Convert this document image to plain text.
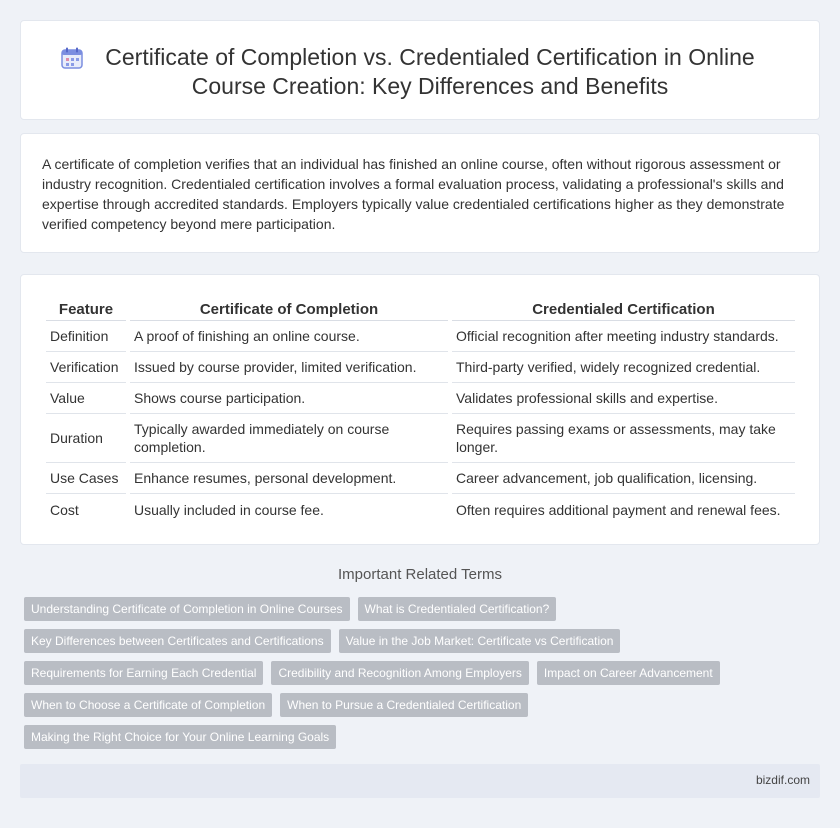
Certificate of Completion vs. Credentialed Certification in Online Course Creation: Key Differences and Benefits

A certificate of completion verifies that an individual has finished an online course, often without rigorous assessment or industry recognition. Credentialed certification involves a formal evaluation process, validating a professional's skills and expertise through accredited standards. Employers typically value credentialed certifications higher as they demonstrate verified competency beyond mere participation.

Feature	Certificate of Completion	Credentialed Certification
Definition	A proof of finishing an online course.	Official recognition after meeting industry standards.
Verification	Issued by course provider, limited verification.	Third-party verified, widely recognized credential.
Value	Shows course participation.	Validates professional skills and expertise.
Duration	Typically awarded immediately on course completion.	Requires passing exams or assessments, may take longer.
Use Cases	Enhance resumes, personal development.	Career advancement, job qualification, licensing.
Cost	Usually included in course fee.	Often requires additional payment and renewal fees.
Important Related Terms
Understanding Certificate of Completion in Online Courses	What is Credentialed Certification?
Key Differences between Certificates and Certifications	Value in the Job Market: Certificate vs Certification
Requirements for Earning Each Credential	Credibility and Recognition Among Employers	Impact on Career Advancement
When to Choose a Certificate of Completion	When to Pursue a Credentialed Certification
Making the Right Choice for Your Online Learning Goals
bizdif.com
